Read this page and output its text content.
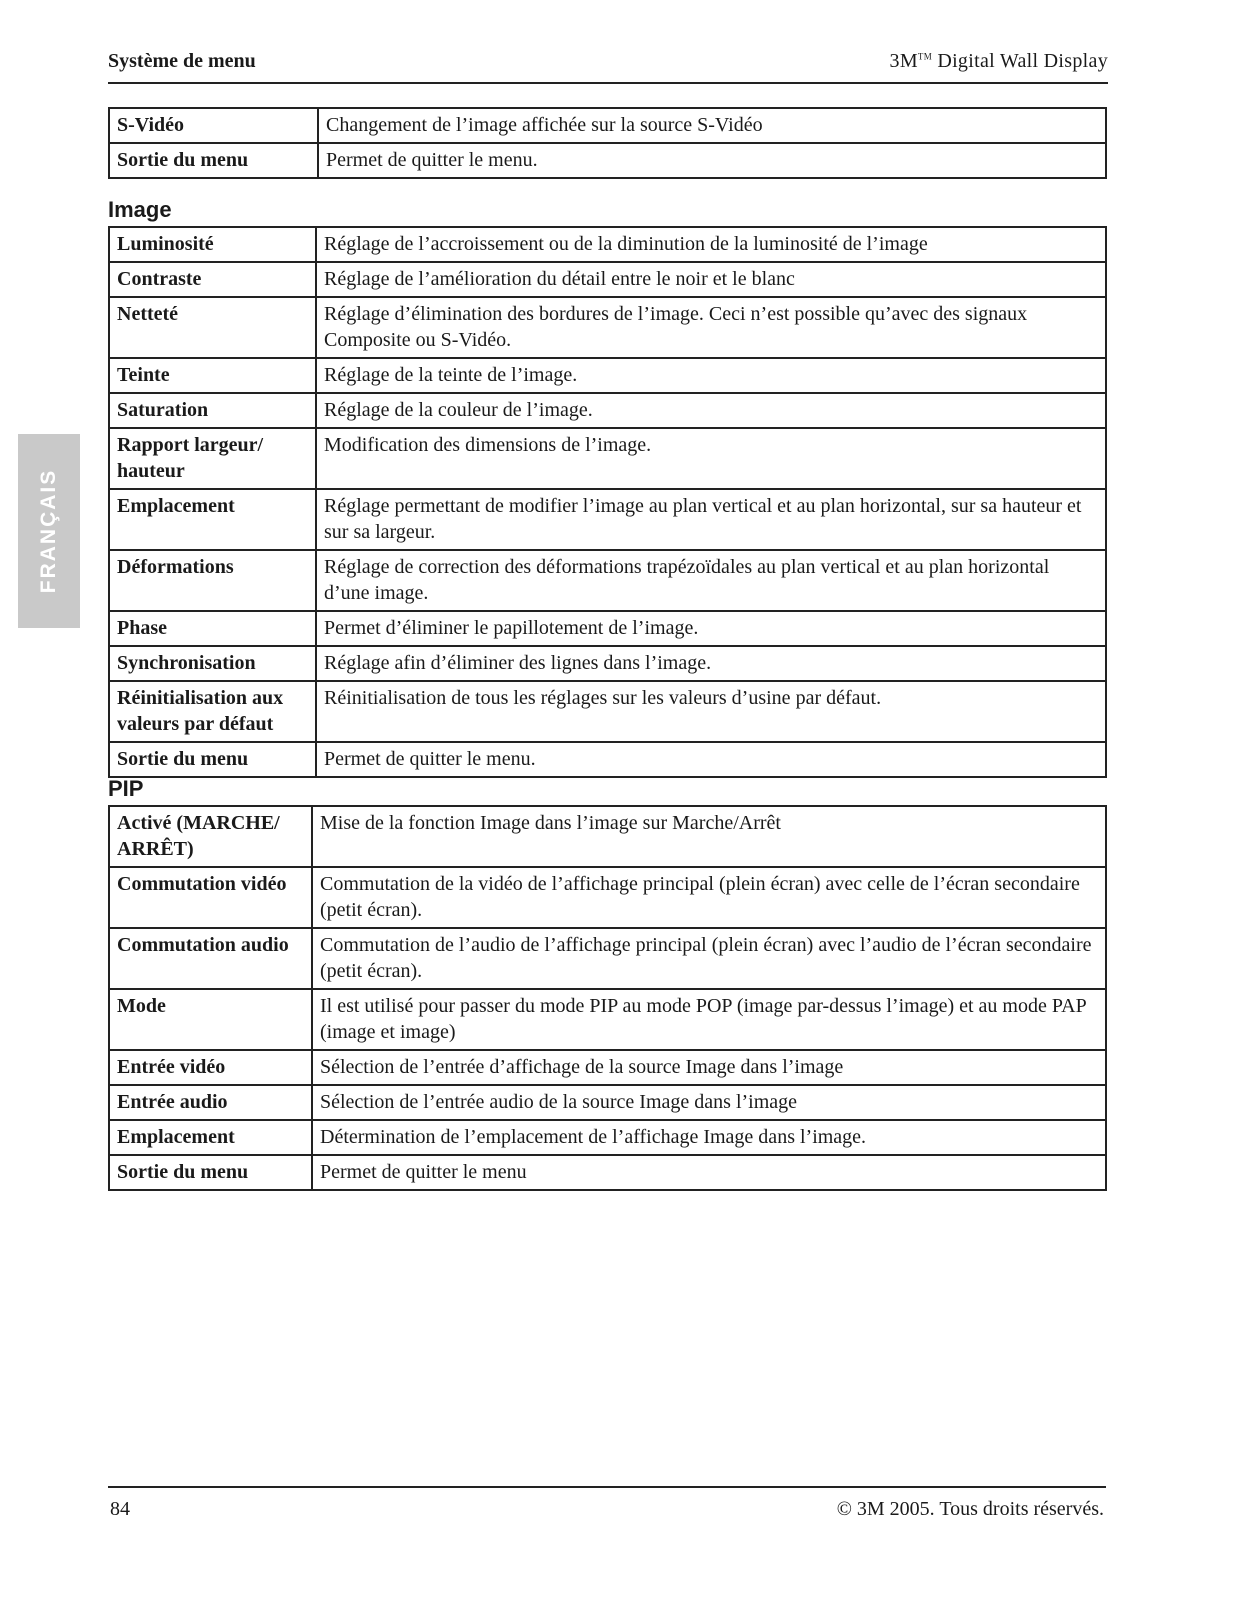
Système de menu	3M™ Digital Wall Display
FRANÇAIS
S-Vidéo	Changement de l’image affichée sur la source S-Vidéo
Sortie du menu	Permet de quitter le menu.
Image
Luminosité	Réglage de l’accroissement ou de la diminution de la luminosité de l’image
Contraste	Réglage de l’amélioration du détail entre le noir et le blanc
Netteté	Réglage d’élimination des bordures de l’image. Ceci n’est possible qu’avec des signaux Composite ou S-Vidéo.
Teinte	Réglage de la teinte de l’image.
Saturation	Réglage de la couleur de l’image.
Rapport largeur/ hauteur	Modification des dimensions de l’image.
Emplacement	Réglage permettant de modifier l’image au plan vertical et au plan horizontal, sur sa hauteur et sur sa largeur.
Déformations	Réglage de correction des déformations trapézoïdales au plan vertical et au plan horizontal d’une image.
Phase	Permet d’éliminer le papillotement de l’image.
Synchronisation	Réglage afin d’éliminer des lignes dans l’image.
Réinitialisation aux valeurs par défaut	Réinitialisation de tous les réglages sur les valeurs d’usine par défaut.
Sortie du menu	Permet de quitter le menu.
PIP
Activé (MARCHE/ ARRÊT)	Mise de la fonction Image dans l’image sur Marche/Arrêt
Commutation vidéo	Commutation de la vidéo de l’affichage principal (plein écran) avec celle de l’écran secondaire (petit écran).
Commutation audio	Commutation de l’audio de l’affichage principal (plein écran) avec l’audio de l’écran secondaire (petit écran).
Mode	Il est utilisé pour passer du mode PIP au mode POP (image par-dessus l’image) et au mode PAP (image et image)
Entrée vidéo	Sélection de l’entrée d’affichage de la source Image dans l’image
Entrée audio	Sélection de l’entrée audio de la source Image dans l’image
Emplacement	Détermination de l’emplacement de l’affichage Image dans l’image.
Sortie du menu	Permet de quitter le menu
84	© 3M 2005. Tous droits réservés.
